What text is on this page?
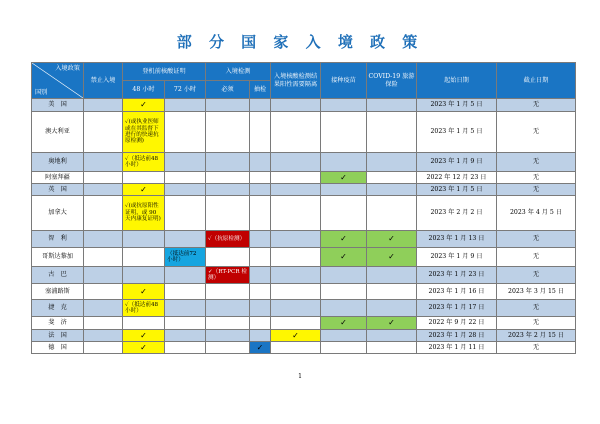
部 分 国 家 入 境 政 策
入境政策
国别	禁止入境	登机前核酸证明		入境检测		入境核酸检测结果阳性需要隔离	接种疫苗	COVID-19 旅游保险	起始日期	截止日期
		48 小时	72 小时	必须	抽检					
美　国		✓							2023 年 1 月 5 日	无
澳大利亚		✓(或执业医师或在其监督下进行的快速抗原检测)							2023 年 1 月 5 日	无
奥地利		✓（抵达前48 小时）							2023 年 1 月 9 日	无
阿塞拜疆							✓		2022 年 12 月 23 日	无
英　国		✓							2023 年 1 月 5 日	无
加拿大		✓(或抗原阳性证明，或 90 天内康复证明)							2023 年 2 月 2 日	2023 年 4 月 5 日
智　利				✓（抗原检测）			✓	✓	2023 年 1 月 13 日	无
哥斯达黎加			（抵达前72 小时）				✓	✓	2023 年 1 月 9 日	无
古　巴				✓（RT-PCR 检测）					2023 年 1 月 23 日	无
塞浦路斯		✓							2023 年 1 月 16 日	2023 年 3 月 15 日
捷　克		✓（抵达前48 小时）							2023 年 1 月 17 日	无
斐　济							✓	✓	2022 年 9 月 22 日	无
法　国		✓				✓			2023 年 1 月 28 日	2023 年 2 月 15 日
德　国		✓			✓				2023 年 1 月 11 日	无
1
